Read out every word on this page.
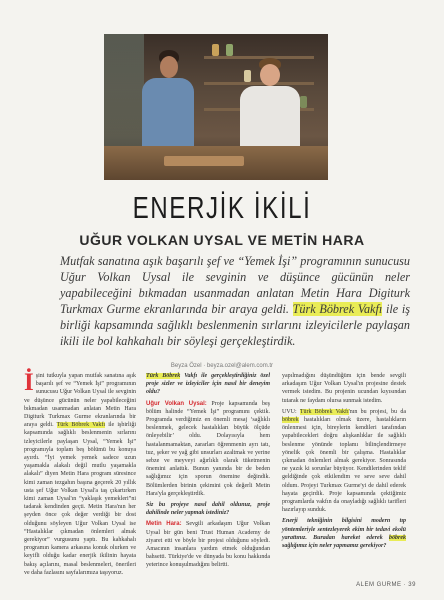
ENERJİK İKİLİ
UĞUR VOLKAN UYSAL VE METİN HARA

Mutfak sanatına aşık başarılı şef ve “Yemek İşi” programının sunucusu Uğur Volkan Uysal ile sevginin ve düşünce gücünün neler yapabileceğini bıkmadan usanmadan anlatan Metin Hara Digiturk Turkmax Gurme ekranlarında bir araya geldi. Türk Böbrek Vakfı ile iş birliği kapsamında sağlıklı beslenmenin sırlarını izleyicilerle paylaşan ikili ile bol kahkahalı bir söyleşi gerçekleştirdik.

Beyza Özel · beyza.ozel@alem.com.tr

İşini tutkuyla yapan mutfak sanatına aşık başarılı şef ve “Yemek İşi” programının sunucusu Uğur Volkan Uysal ile sevginin ve düşünce gücünün neler yapabileceğini bıkmadan usanmadan anlatan Metin Hara Digiturk Turkmax Gurme ekranlarında bir araya geldi. Türk Böbrek Vakfı ile işbirliği kapsamında sağlıklı beslenmenin sırlarını izleyicilerle paylaşan Uysal, “Yemek İşi” programıyla toplam beş bölümü bu konuya ayırdı. “İyi yemek yemek sadece uzun yaşamakla alakalı değil mutlu yaşamakla alakalı” diyen Metin Hara program süresince kimi zaman tezgahın başına geçerek 20 yıllık usta şef Uğur Volkan Uysal'a taş çıkartırken kimi zaman Uysal'ın “yaklaşık yemekleri”ni tadarak kendinden geçti. Metin Hara'nın her şeyden önce çok değer verdiği bir dost olduğunu söyleyen Uğur Volkan Uysal ise “Hastalıklar çıkmadan önlemleri almak gerekiyor” vurgusunu yaptı. Bu kahkahalı programın kamera arkasına konuk olurken ve keyifli olduğu kadar enerjik ikilinin hayata bakış açılarını, masal beslenmeleri, önerileri ve daha fazlasını sayfalarımıza taşıyoruz.

Türk Böbrek Vakfı ile gerçekleştirdiğiniz özel proje sizler ve izleyiciler için nasıl bir deneyim oldu?

Uğur Volkan Uysal: Proje kapsamında beş bölüm halinde “Yemek İşi” programını çektik. Programda verdiğimiz en önemli mesaj ‘sağlıklı beslenmek, gelecek hastalıkları büyük ölçüde önleyebilir’ oldu. Dolayısıyla hem hastalanmamaktan, zararları öğrenmenin ayrı tatı, tuz, şeker ve yağ gibi unsurları azaltmak ve yerine sebze ve meyveyi ağırlıklı olarak tüketmenin önemini anlattık. Bunun yanında bir de beden sağlığımız için sporun önemine değindik. Bölümlerden birinin çekimini çok değerli Metin Hara'yla gerçekleştirdik.

Siz bu projeye nasıl dahil oldunuz, proje dahilinde neler yapmak istediniz?

Metin Hara: Sevgili arkadaşım Uğur Volkan Uysal bir gün beni Trust Human Academy de ziyaret etti ve böyle bir projesi olduğunu söyledi. Amacının insanlara yardım etmek olduğundan bahsetti. Türkiye'de ve dünyada bu konu hakkında yeterince konuşulmadığını belirtti.

yapılmadığını düşündüğüm için bende sevgili arkadaşım Uğur Volkan Uysal'ın projesine destek vermek istedim. Bu projenin ucundan kıyısından tutarak ne faydam olursa sunmak istedim.

UVU: Türk Böbrek Vakfı'nın bu projesi, bu da böbrek hastalıkları olmak üzere, hastalıkların önlenmesi için, bireylerin kendileri tarafından yapabilecekleri doğru alışkanlıklar ile sağlıklı beslenme yönünde toplamı bilinçlendirmeye yönelik çok önemli bir çalışma. Hastalıklar çıkmadan önlemleri almak gerekiyor. Sonrasında ne yazık ki sorunlar büyüyor. Kendilerinden teklif geldiğinde çok etkilendim ve seve seve dahil oldum. Projeyi Turkmax Gurme'yi de dahil ederek hayata geçirdik. Proje kapsamında çektiğimiz programlarda vakfın da onayladığı sağlıklı tarifleri hazırlayıp sunduk.

Enerji tekniğinin bilgisini modern tıp yöntemleriyle sentezleyerek ekim bir tedavi ekolü yarattınız. Buradan hareket ederek böbrek sağlığımız için neler yapmamız gerekiyor?

ALEM GURME · 39
